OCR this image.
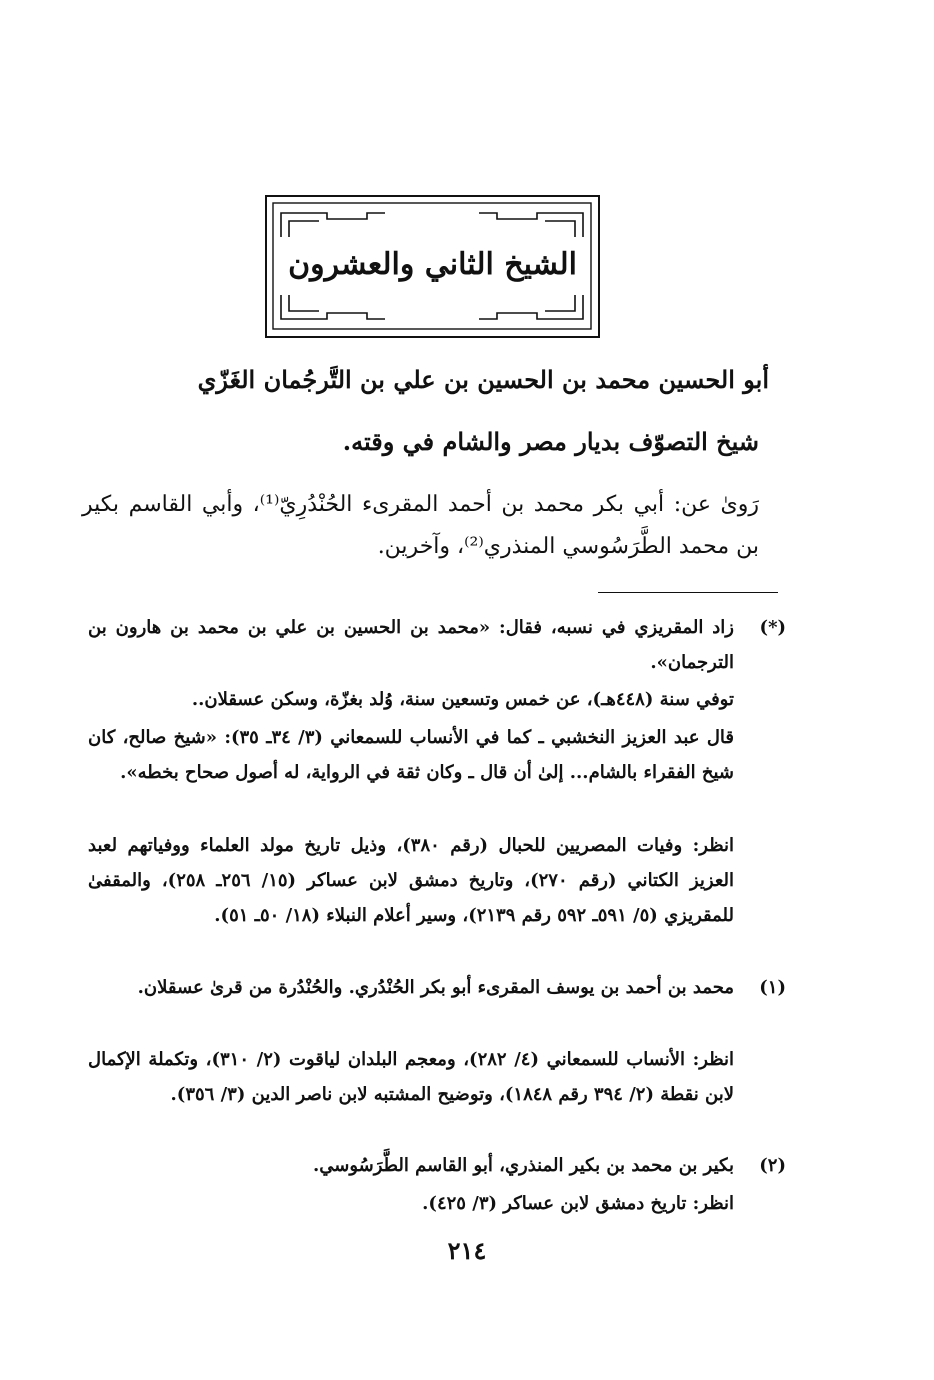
الشيخ الثاني والعشرون
أبو الحسين محمد بن الحسين بن علي بن التَّرجُمان الغَزّي
شيخ التصوّف بديار مصر والشام في وقته.
رَوىٰ عن: أبي بكر محمد بن أحمد المقرىء الحُنْدُرِيّ⁽¹⁾، وأبي القاسم بكير بن محمد الطَّرَسُوسي المنذري⁽²⁾، وآخرين.
(*)
زاد المقريزي في نسبه، فقال: «محمد بن الحسين بن علي بن محمد بن هارون بن الترجمان».
توفي سنة (٤٤٨هـ)، عن خمس وتسعين سنة، وُلد بغزّة، وسكن عسقلان..
قال عبد العزيز النخشبي ـ كما في الأنساب للسمعاني (٣/ ٣٤ـ ٣٥): «شيخ صالح، كان شيخ الفقراء بالشام... إلىٰ أن قال ـ وكان ثقة في الرواية، له أصول صحاح بخطه».
انظر: وفيات المصريين للحبال (رقم ٣٨٠)، وذيل تاريخ مولد العلماء ووفياتهم لعبد العزيز الكتاني (رقم ٢٧٠)، وتاريخ دمشق لابن عساكر (١٥/ ٢٥٦ـ ٢٥٨)، والمقفىٰ للمقريزي (٥/ ٥٩١ـ ٥٩٢ رقم ٢١٣٩)، وسير أعلام النبلاء (١٨/ ٥٠ـ ٥١).
(١)
محمد بن أحمد بن يوسف المقرىء أبو بكر الحُنْدُري. والحُنْدُرة من قرىٰ عسقلان.
انظر: الأنساب للسمعاني (٤/ ٢٨٢)، ومعجم البلدان لياقوت (٢/ ٣١٠)، وتكملة الإكمال لابن نقطة (٢/ ٣٩٤ رقم ١٨٤٨)، وتوضيح المشتبه لابن ناصر الدين (٣/ ٣٥٦).
(٢)
بكير بن محمد بن بكير المنذري، أبو القاسم الطَّرَسُوسي.
انظر: تاريخ دمشق لابن عساكر (٣/ ٤٢٥).
٢١٤
